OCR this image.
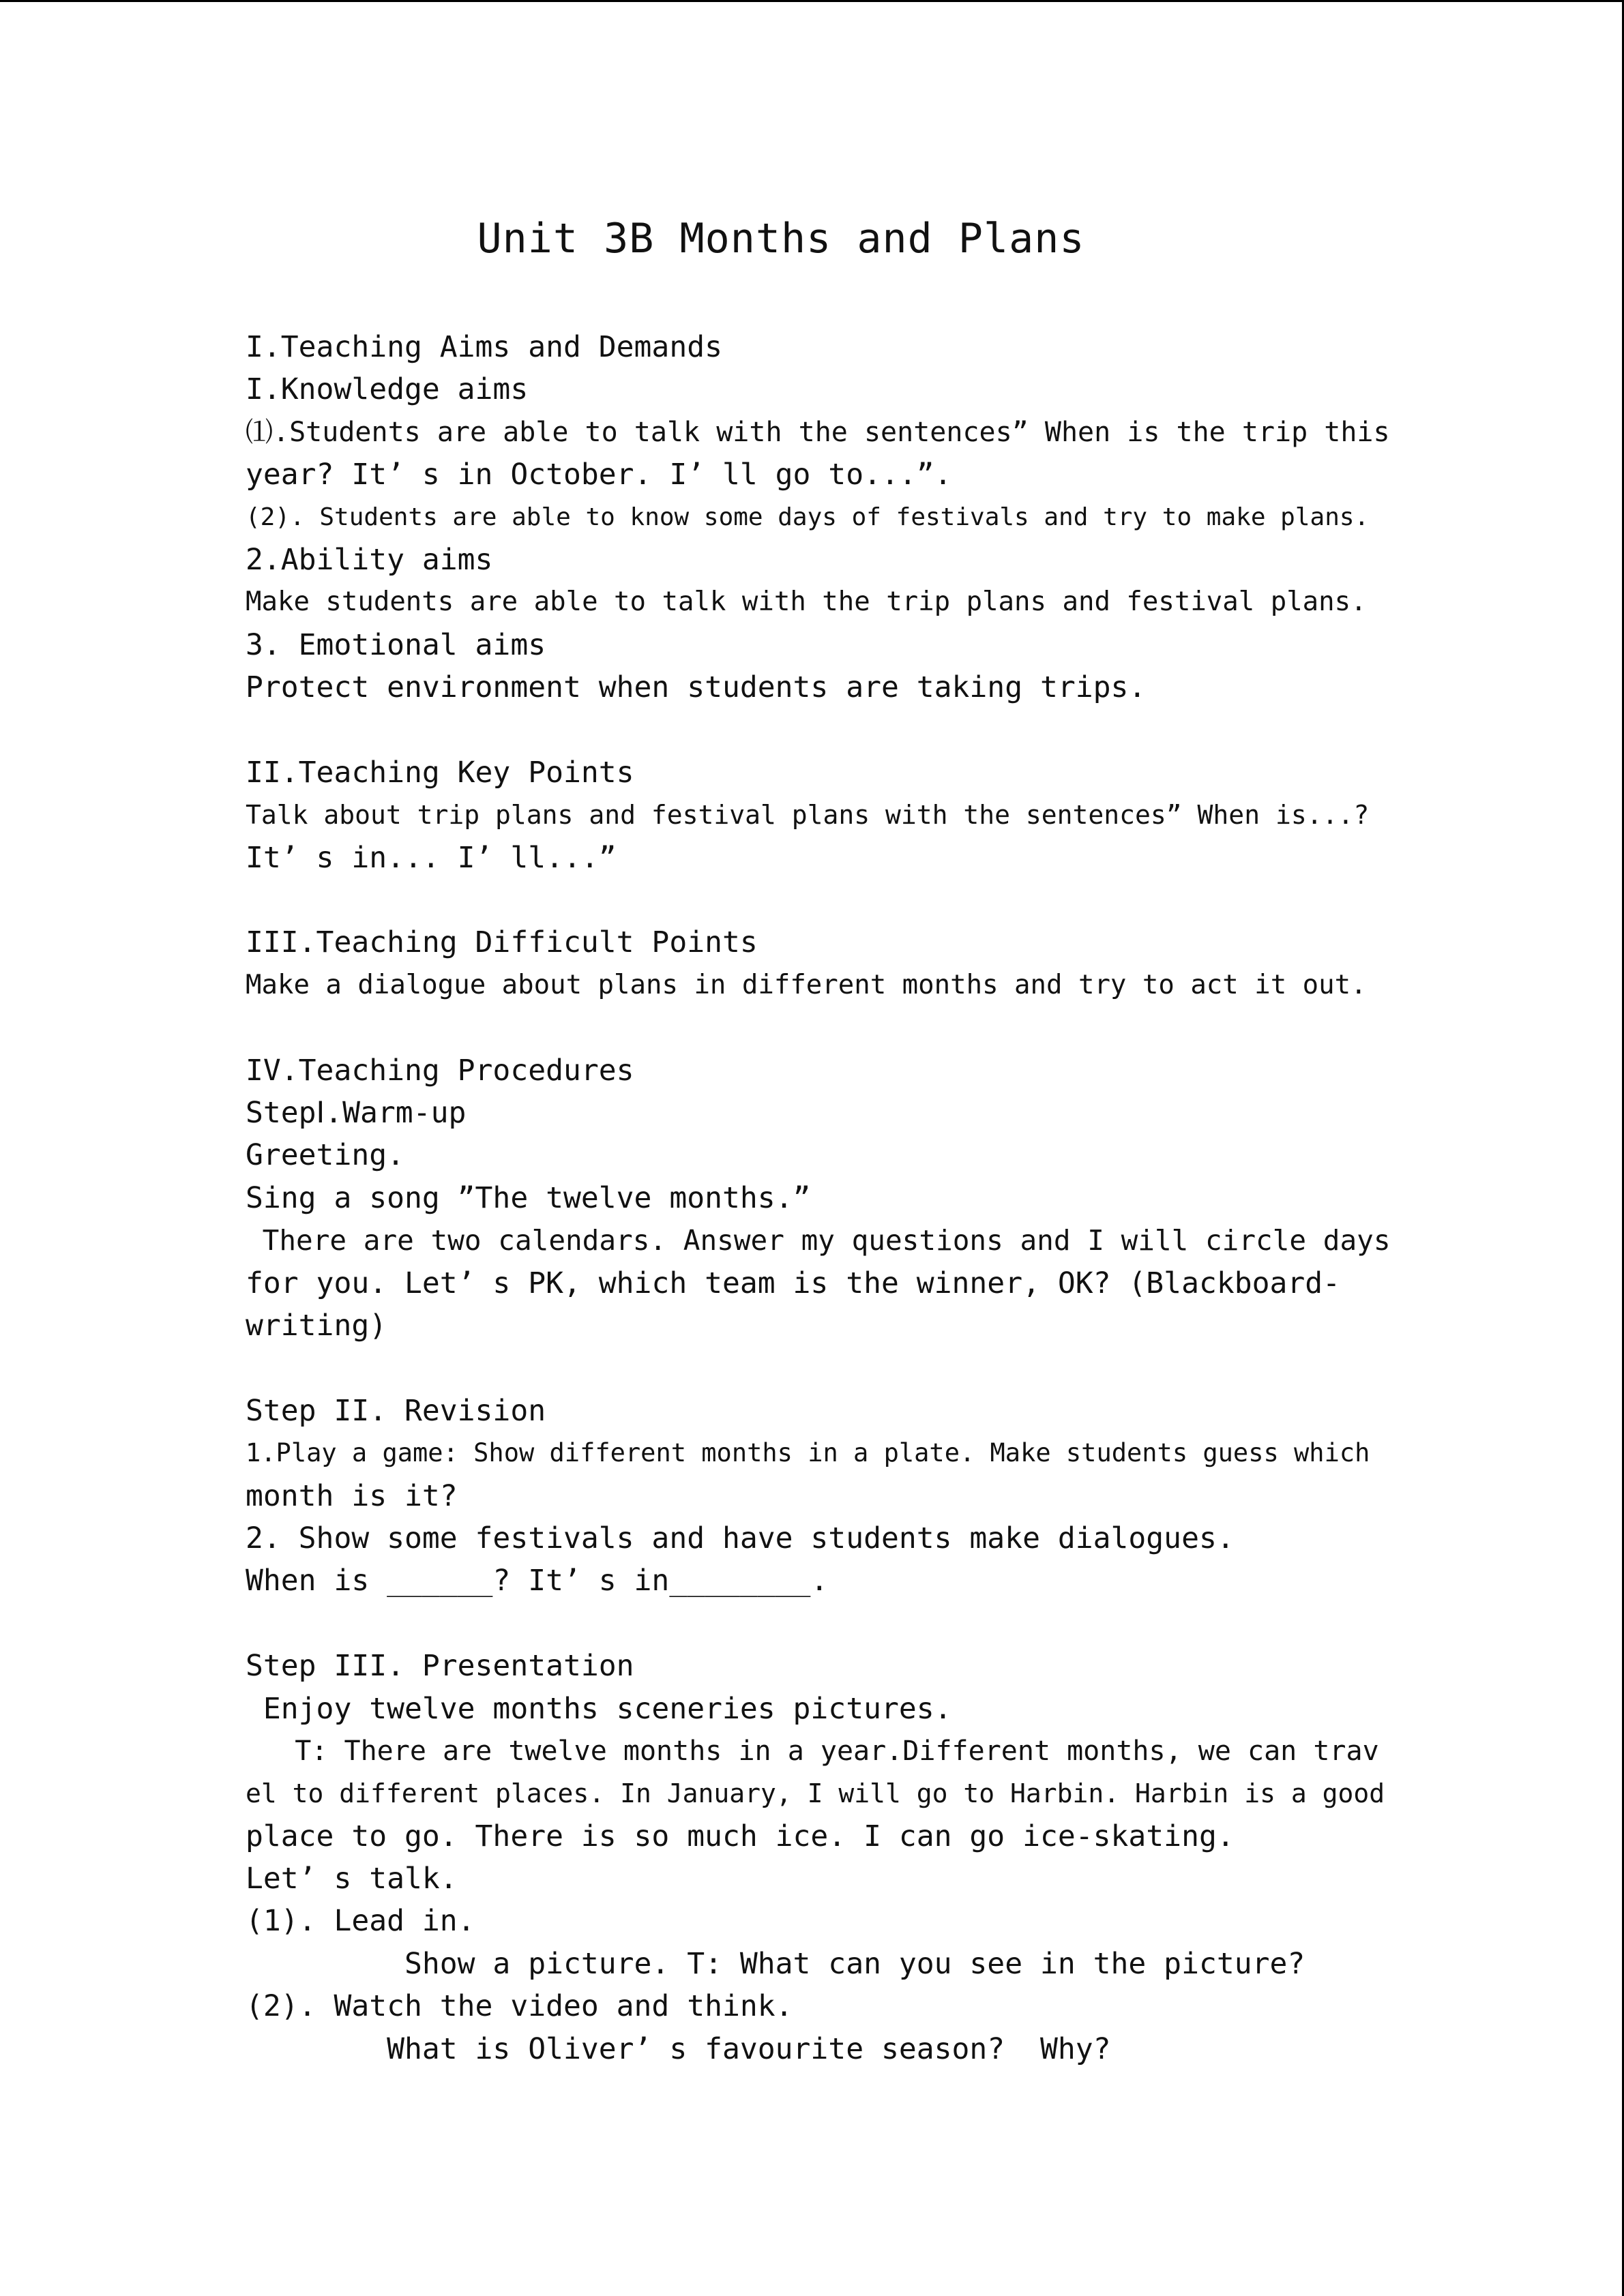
Unit 3B Months and Plans
I.Teaching Aims and Demands
I.Knowledge aims
⑴.Students are able to talk with the sentences” When is the trip this
year? It’ s in October. I’ ll go to...”.
(2). Students are able to know some days of festivals and try to make plans.
2.Ability aims
Make students are able to talk with the trip plans and festival plans.
3. Emotional aims
Protect environment when students are taking trips.
II.Teaching Key Points
Talk about trip plans and festival plans with the sentences” When is...?
It’ s in... I’ ll...”
III.Teaching Difficult Points
Make a dialogue about plans in different months and try to act it out.
IV.Teaching Procedures
StepⅠ.Warm-up
Greeting.
Sing a song ”The twelve months.”
There are two calendars. Answer my questions and I will circle days
for you. Let’ s PK, which team is the winner, OK? (Blackboard-
writing)
Step II. Revision
1.Play a game: Show different months in a plate. Make students guess which
month is it?
2. Show some festivals and have students make dialogues.
When is ______? It’ s in________.
Step III. Presentation
Enjoy twelve months sceneries pictures.
T: There are twelve months in a year.Different months, we can trav
el to different places. In January, I will go to Harbin. Harbin is a good
place to go. There is so much ice. I can go ice-skating.
Let’ s talk.
(1). Lead in.
Show a picture. T: What can you see in the picture?
(2). Watch the video and think.
What is Oliver’ s favourite season?  Why?
